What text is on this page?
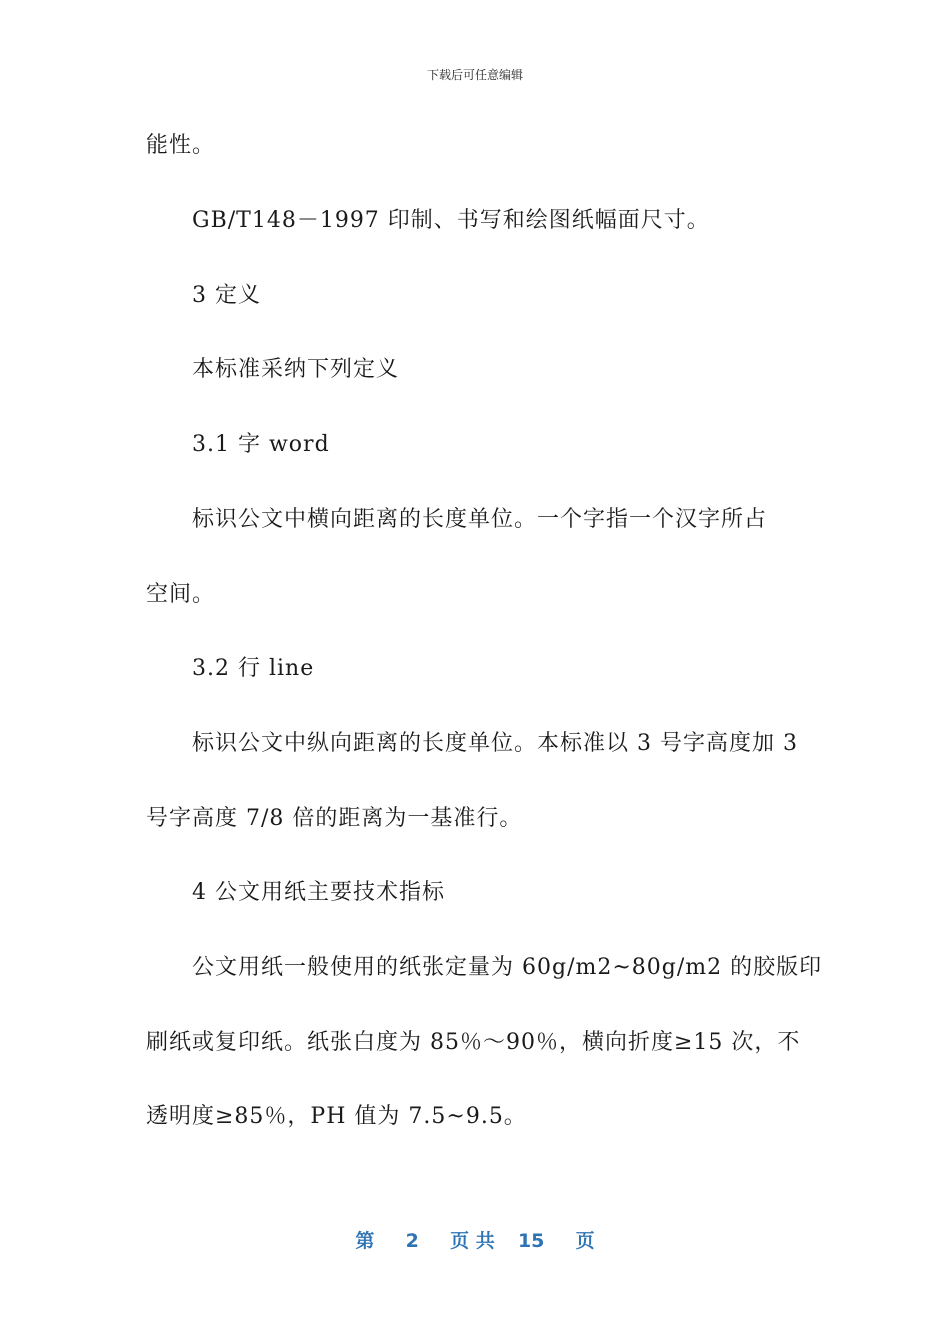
下载后可任意编辑
能性。
GB/T148－1997 印制、书写和绘图纸幅面尺寸。
3 定义
本标准采纳下列定义
3.1 字 word
标识公文中横向距离的长度单位。一个字指一个汉字所占
空间。
3.2 行 line
标识公文中纵向距离的长度单位。本标准以 3 号字高度加 3
号字高度 7/8 倍的距离为一基准行。
4 公文用纸主要技术指标
公文用纸一般使用的纸张定量为 60g/m2~80g/m2 的胶版印
刷纸或复印纸。纸张白度为 85％～90％，横向折度≥15 次，不
透明度≥85％，PH 值为 7.5~9.5。
第 2 页 共 15 页
